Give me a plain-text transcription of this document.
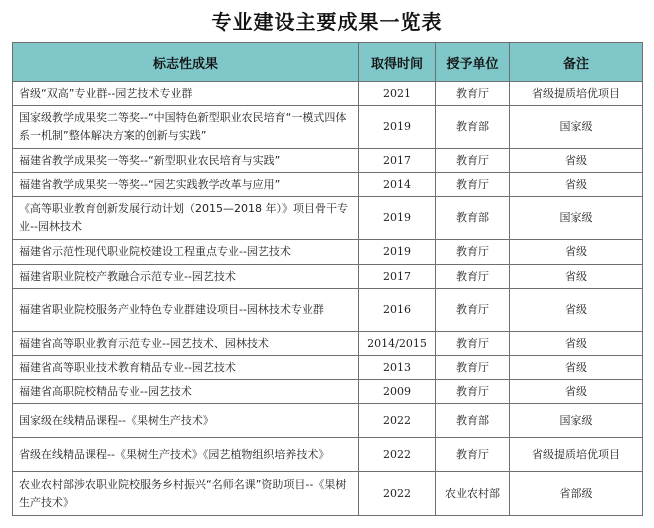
专业建设主要成果一览表
标志性成果	取得时间	授予单位	备注
省级“双高”专业群--园艺技术专业群	2021	教育厅	省级提质培优项目
国家级教学成果奖二等奖--“中国特色新型职业农民培育“一模式四体系一机制”整体解决方案的创新与实践”	2019	教育部	国家级
福建省教学成果奖一等奖--“新型职业农民培育与实践”	2017	教育厅	省级
福建省教学成果奖一等奖--“园艺实践教学改革与应用”	2014	教育厅	省级
《高等职业教育创新发展行动计划（2015—2018 年）》项目骨干专业--园林技术	2019	教育部	国家级
福建省示范性现代职业院校建设工程重点专业--园艺技术	2019	教育厅	省级
福建省职业院校产教融合示范专业--园艺技术	2017	教育厅	省级
福建省职业院校服务产业特色专业群建设项目--园林技术专业群	2016	教育厅	省级
福建省高等职业教育示范专业--园艺技术、园林技术	2014/2015	教育厅	省级
福建省高等职业技术教育精品专业--园艺技术	2013	教育厅	省级
福建省高职院校精品专业--园艺技术	2009	教育厅	省级
国家级在线精品课程--《果树生产技术》	2022	教育部	国家级
省级在线精品课程--《果树生产技术》《园艺植物组织培养技术》	2022	教育厅	省级提质培优项目
农业农村部涉农职业院校服务乡村振兴“名师名课”资助项目--《果树生产技术》	2022	农业农村部	省部级
